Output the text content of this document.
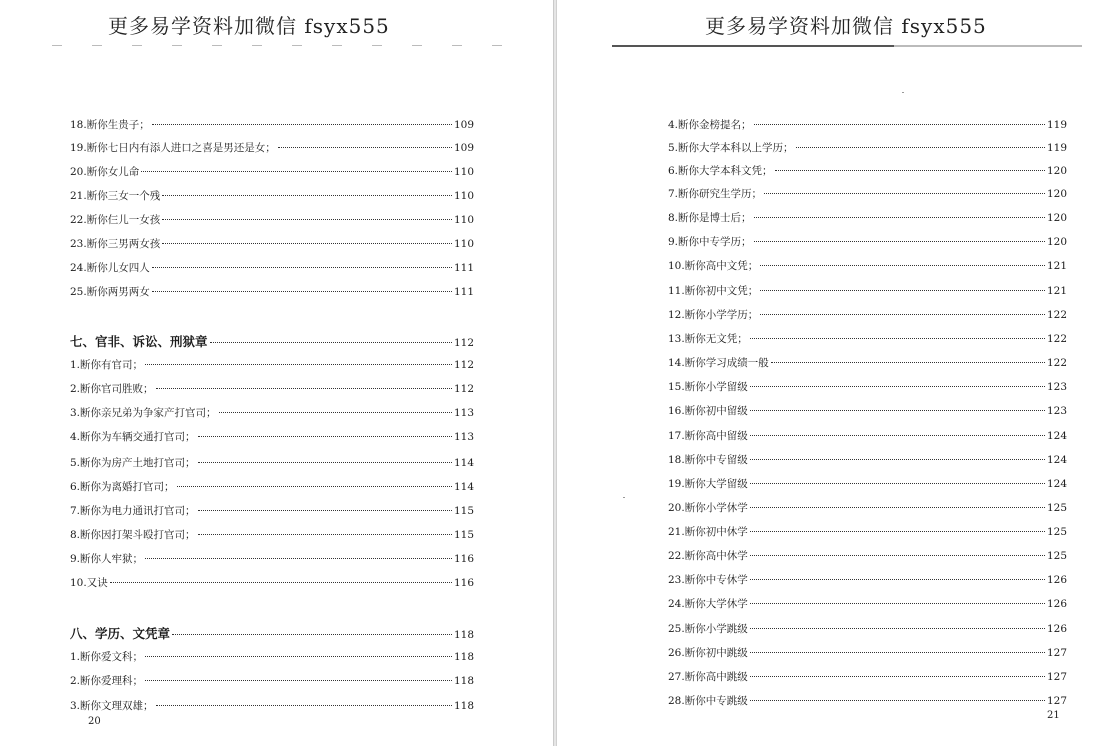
更多易学资料加微信 fsyx555
18.断你生贵子；	109
19.断你七日内有添人进口之喜是男还是女；	109
20.断你女儿命	110
21.断你三女一个残	110
22.断你仨儿一女孩	110
23.断你三男两女孩	110
24.断你儿女四人	111
25.断你两男两女	111
七、官非、诉讼、刑狱章	112
1.断你有官司；	112
2.断你官司胜败；	112
3.断你亲兄弟为争家产打官司；	113
4.断你为车辆交通打官司；	113
5.断你为房产土地打官司；	114
6.断你为离婚打官司；	114
7.断你为电力通讯打官司；	115
8.断你因打架斗殴打官司；	115
9.断你人牢狱；	116
10.又诀	116
八、学历、文凭章	118
1.断你爱文科；	118
2.断你爱理科；	118
3.断你文理双雄；	118
20
更多易学资料加微信 fsyx555
4.断你金榜提名；	119
5.断你大学本科以上学历；	119
6.断你大学本科文凭；	120
7.断你研究生学历；	120
8.断你是博士后；	120
9.断你中专学历；	120
10.断你高中文凭；	121
11.断你初中文凭；	121
12.断你小学学历；	122
13.断你无文凭；	122
14.断你学习成绩一般	122
15.断你小学留级	123
16.断你初中留级	123
17.断你高中留级	124
18.断你中专留级	124
19.断你大学留级	124
20.断你小学休学	125
21.断你初中休学	125
22.断你高中休学	125
23.断你中专休学	126
24.断你大学休学	126
25.断你小学跳级	126
26.断你初中跳级	127
27.断你高中跳级	127
28.断你中专跳级	127
21
